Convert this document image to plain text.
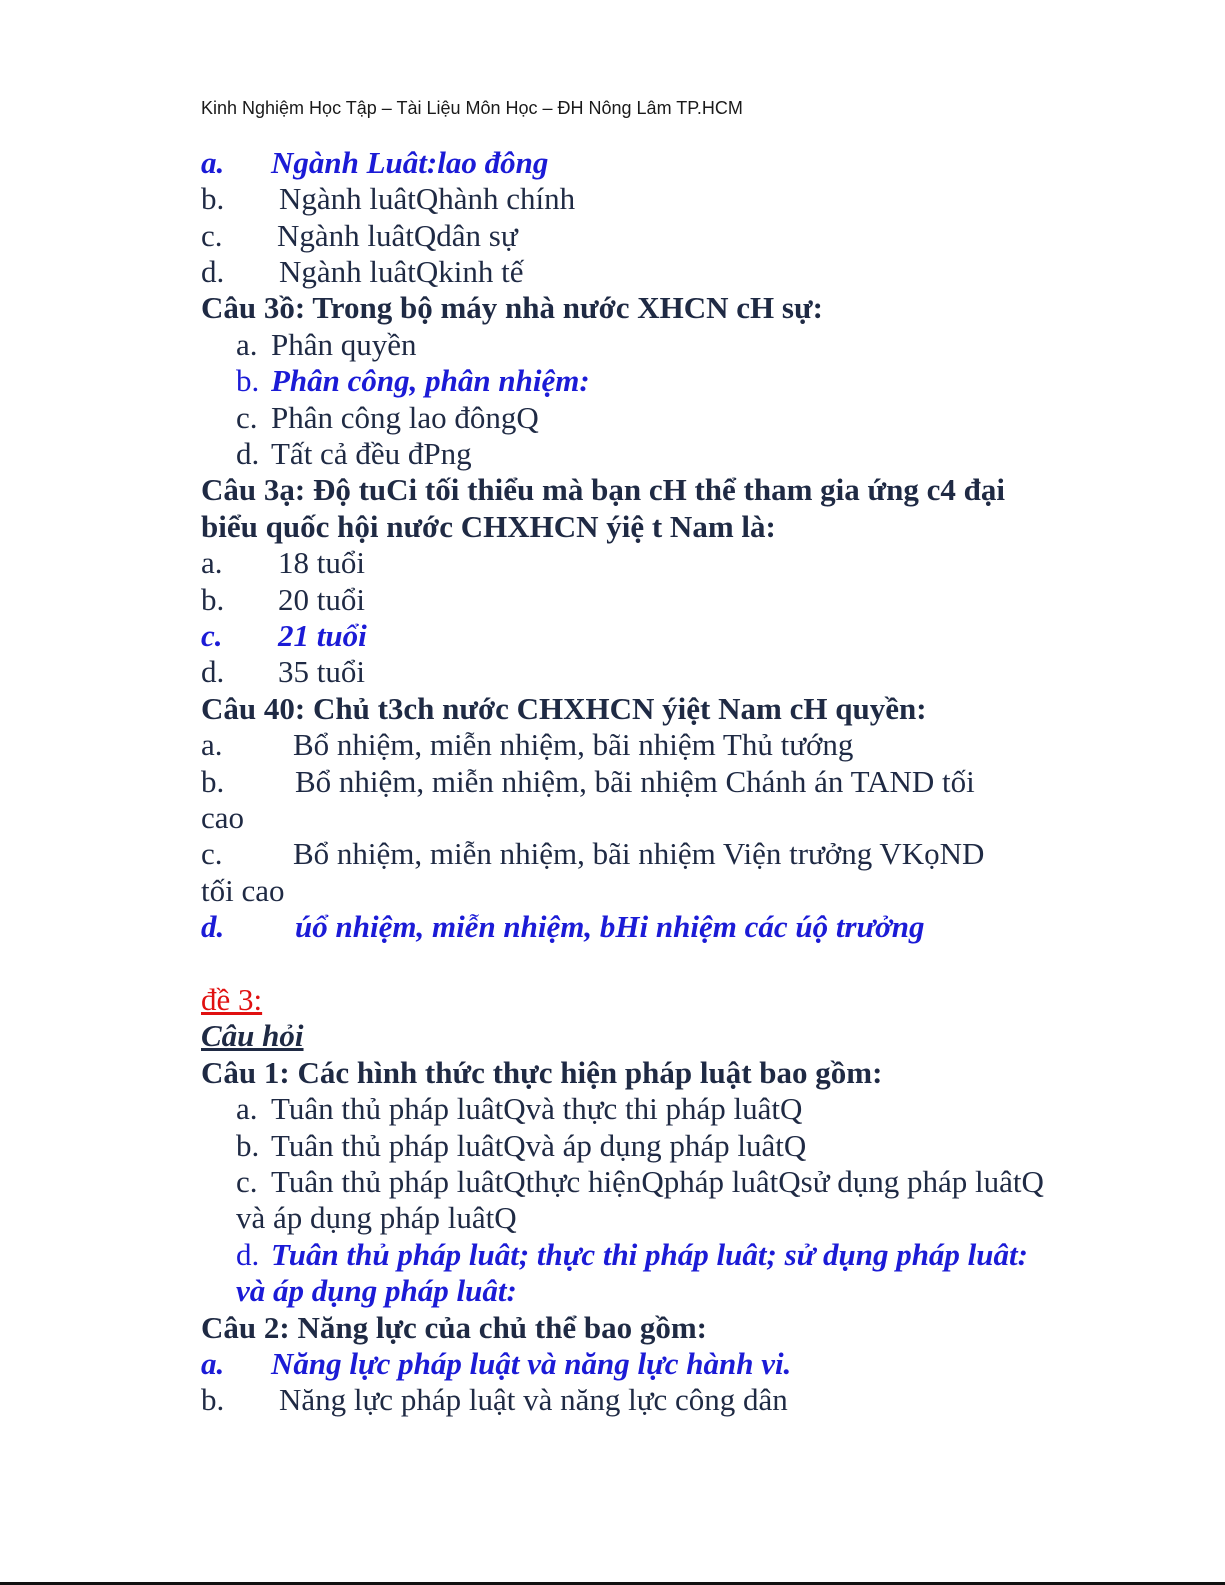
Kinh Nghiệm Học Tập – Tài Liệu Môn Học – ĐH Nông Lâm TP.HCM
a. Ngành Luât:lao đông
b. Ngành luâtQhành chính
c. Ngành luâtQdân sự
d. Ngành luâtQkinh tế
Câu 3ồ: Trong bộ máy nhà nước XHCN cH sự:
a. Phân quyền
b. Phân công, phân nhiệm:
c. Phân công lao đôngQ
d. Tất cả đều đPng
Câu 3ạ: Độ tuCi tối thiểu mà bạn cH thể tham gia ứng c4 đại
biểu quốc hội nước CHXHCN ýiệ t Nam là:
a. 18 tuổi
b. 20 tuổi
c. 21 tuổi
d. 35 tuổi
Câu 40: Chủ t3ch nước CHXHCN ýiệt Nam cH quyền:
a. Bổ nhiệm, miễn nhiệm, bãi nhiệm Thủ tướng
b. Bổ nhiệm, miễn nhiệm, bãi nhiệm Chánh án TAND tối
cao
c. Bổ nhiệm, miễn nhiệm, bãi nhiệm Viện trưởng VKọND
tối cao
d. úổ nhiệm, miễn nhiệm, bHi nhiệm các úộ trưởng
đề 3:
Câu hỏi
Câu 1: Các hình thức thực hiện pháp luật bao gồm:
a. Tuân thủ pháp luâtQvà thực thi pháp luâtQ
b. Tuân thủ pháp luâtQvà áp dụng pháp luâtQ
c. Tuân thủ pháp luâtQthực hiệnQpháp luâtQsử dụng pháp luâtQ
và áp dụng pháp luâtQ
d. Tuân thủ pháp luât; thực thi pháp luât; sử dụng pháp luât:
và áp dụng pháp luât:
Câu 2: Năng lực của chủ thể bao gồm:
a. Năng lực pháp luật và năng lực hành vi.
b. Năng lực pháp luật và năng lực công dân
